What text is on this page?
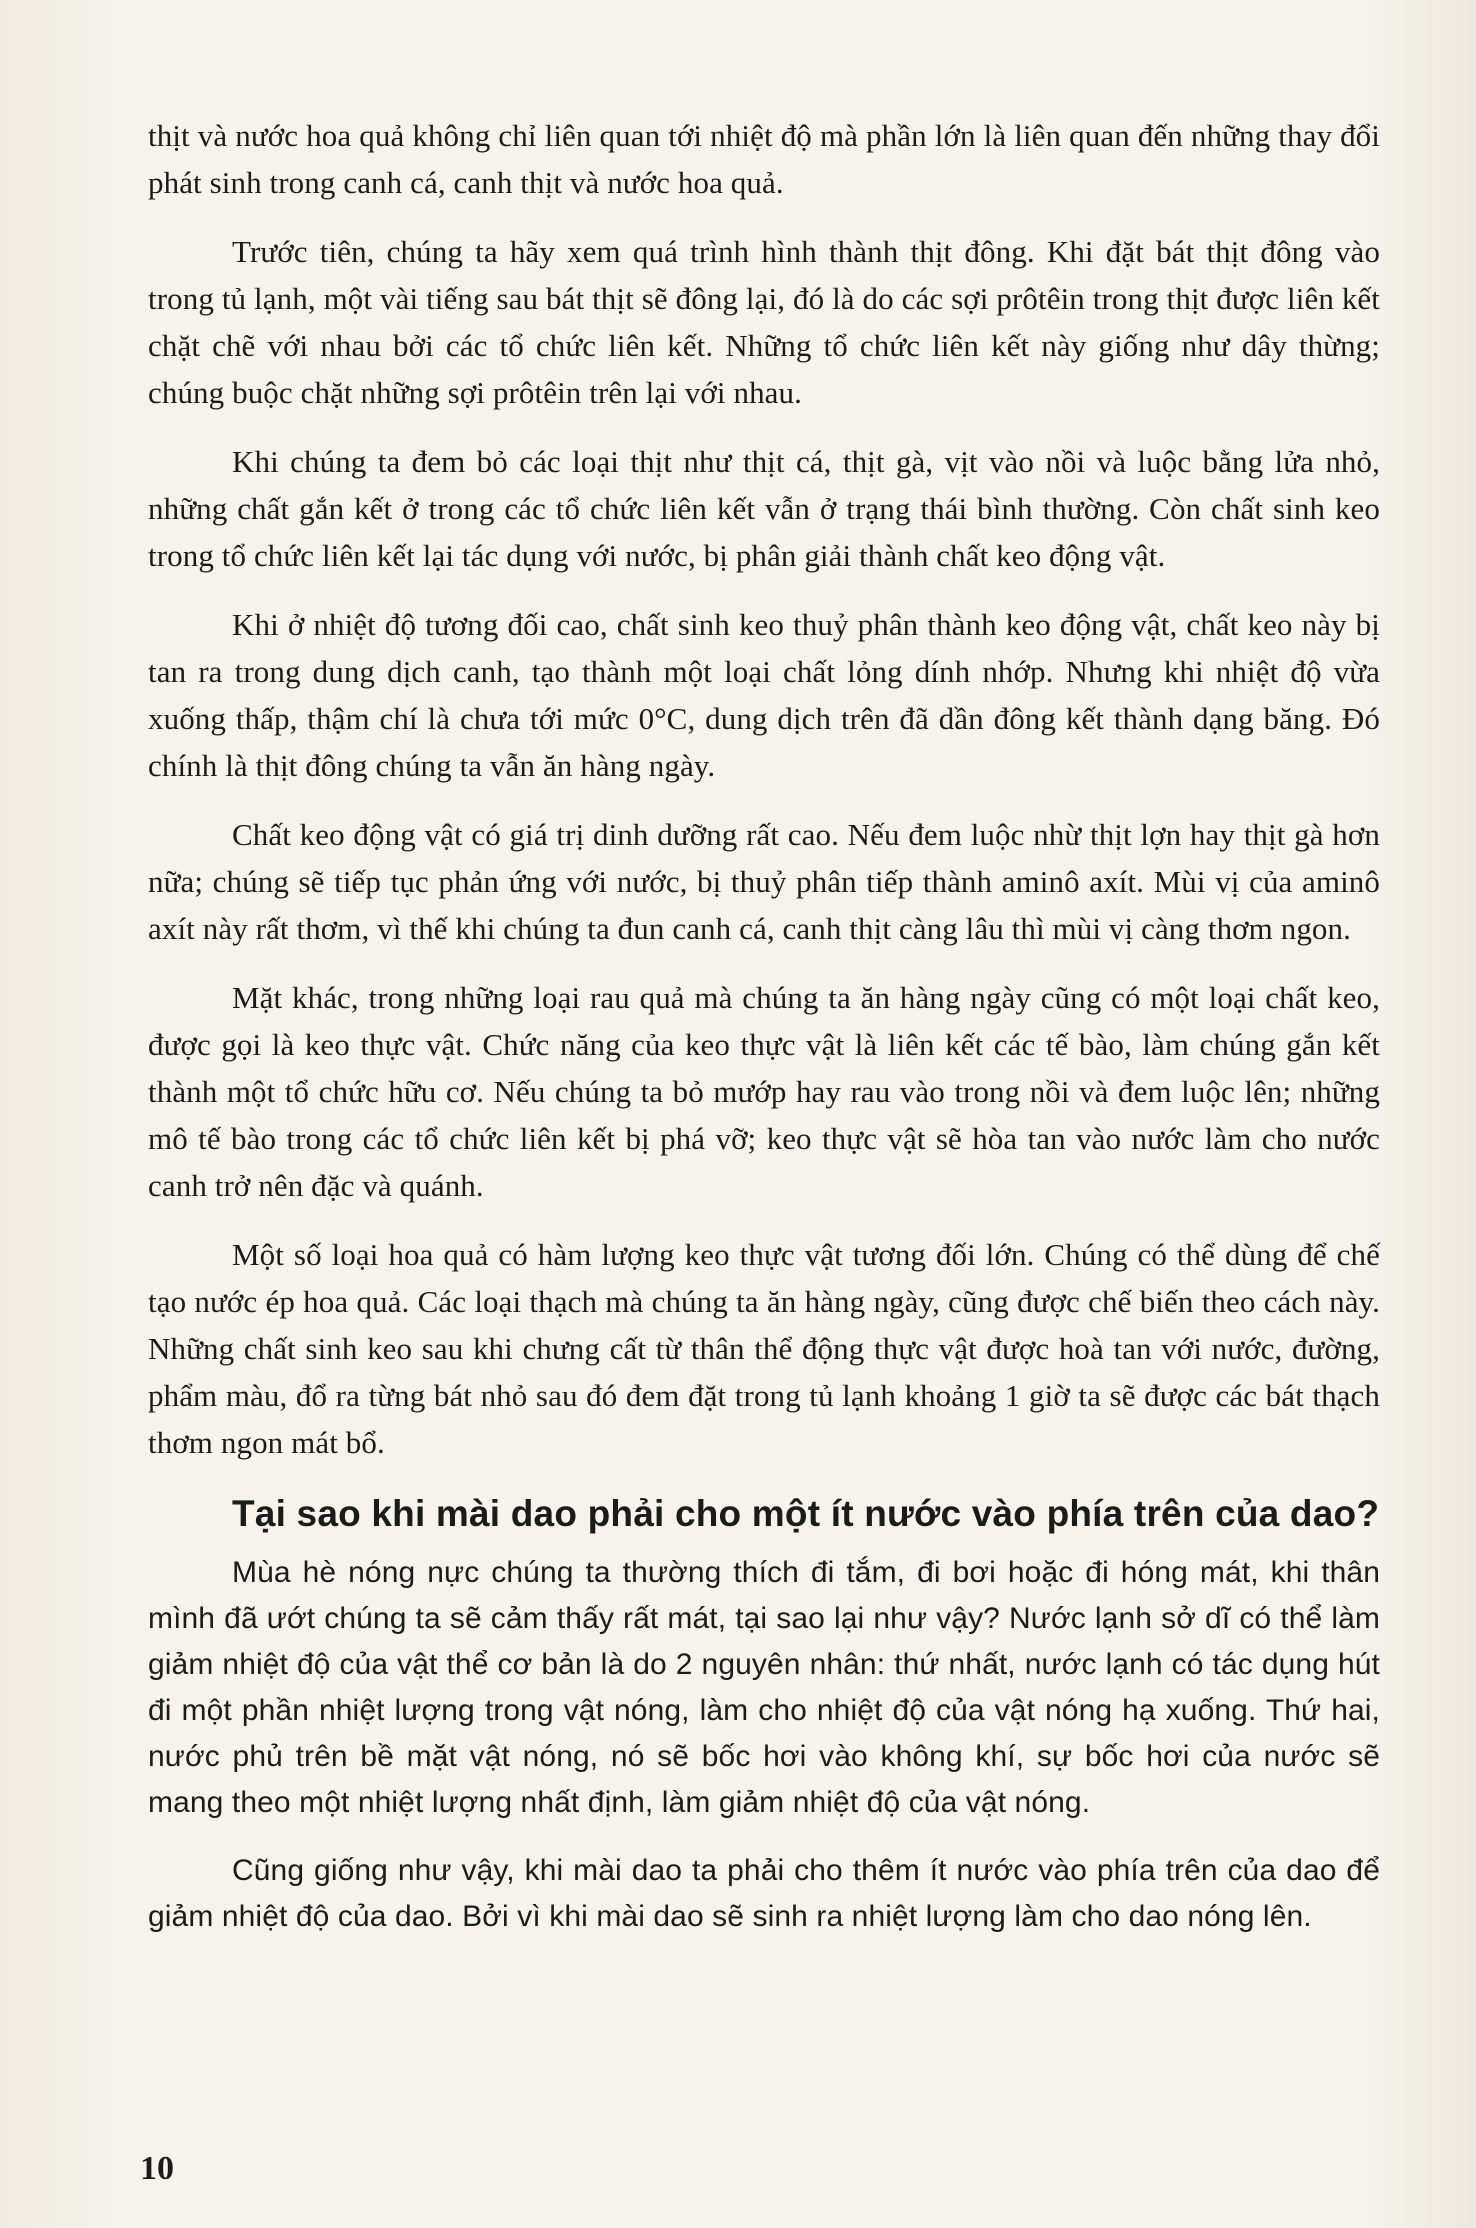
thịt và nước hoa quả không chỉ liên quan tới nhiệt độ mà phần lớn là liên quan đến những thay đổi phát sinh trong canh cá, canh thịt và nước hoa quả.

Trước tiên, chúng ta hãy xem quá trình hình thành thịt đông. Khi đặt bát thịt đông vào trong tủ lạnh, một vài tiếng sau bát thịt sẽ đông lại, đó là do các sợi prôtêin trong thịt được liên kết chặt chẽ với nhau bởi các tổ chức liên kết. Những tổ chức liên kết này giống như dây thừng; chúng buộc chặt những sợi prôtêin trên lại với nhau.

Khi chúng ta đem bỏ các loại thịt như thịt cá, thịt gà, vịt vào nồi và luộc bằng lửa nhỏ, những chất gắn kết ở trong các tổ chức liên kết vẫn ở trạng thái bình thường. Còn chất sinh keo trong tổ chức liên kết lại tác dụng với nước, bị phân giải thành chất keo động vật.

Khi ở nhiệt độ tương đối cao, chất sinh keo thuỷ phân thành keo động vật, chất keo này bị tan ra trong dung dịch canh, tạo thành một loại chất lỏng dính nhớp. Nhưng khi nhiệt độ vừa xuống thấp, thậm chí là chưa tới mức 0°C, dung dịch trên đã dần đông kết thành dạng băng. Đó chính là thịt đông chúng ta vẫn ăn hàng ngày.

Chất keo động vật có giá trị dinh dưỡng rất cao. Nếu đem luộc nhừ thịt lợn hay thịt gà hơn nữa; chúng sẽ tiếp tục phản ứng với nước, bị thuỷ phân tiếp thành aminô axít. Mùi vị của aminô axít này rất thơm, vì thế khi chúng ta đun canh cá, canh thịt càng lâu thì mùi vị càng thơm ngon.

Mặt khác, trong những loại rau quả mà chúng ta ăn hàng ngày cũng có một loại chất keo, được gọi là keo thực vật. Chức năng của keo thực vật là liên kết các tế bào, làm chúng gắn kết thành một tổ chức hữu cơ. Nếu chúng ta bỏ mướp hay rau vào trong nồi và đem luộc lên; những mô tế bào trong các tổ chức liên kết bị phá vỡ; keo thực vật sẽ hòa tan vào nước làm cho nước canh trở nên đặc và quánh.

Một số loại hoa quả có hàm lượng keo thực vật tương đối lớn. Chúng có thể dùng để chế tạo nước ép hoa quả. Các loại thạch mà chúng ta ăn hàng ngày, cũng được chế biến theo cách này. Những chất sinh keo sau khi chưng cất từ thân thể động thực vật được hoà tan với nước, đường, phẩm màu, đổ ra từng bát nhỏ sau đó đem đặt trong tủ lạnh khoảng 1 giờ ta sẽ được các bát thạch thơm ngon mát bổ.

Tại sao khi mài dao phải cho một ít nước vào phía trên của dao?

Mùa hè nóng nực chúng ta thường thích đi tắm, đi bơi hoặc đi hóng mát, khi thân mình đã ướt chúng ta sẽ cảm thấy rất mát, tại sao lại như vậy? Nước lạnh sở dĩ có thể làm giảm nhiệt độ của vật thể cơ bản là do 2 nguyên nhân: thứ nhất, nước lạnh có tác dụng hút đi một phần nhiệt lượng trong vật nóng, làm cho nhiệt độ của vật nóng hạ xuống. Thứ hai, nước phủ trên bề mặt vật nóng, nó sẽ bốc hơi vào không khí, sự bốc hơi của nước sẽ mang theo một nhiệt lượng nhất định, làm giảm nhiệt độ của vật nóng.

Cũng giống như vậy, khi mài dao ta phải cho thêm ít nước vào phía trên của dao để giảm nhiệt độ của dao. Bởi vì khi mài dao sẽ sinh ra nhiệt lượng làm cho dao nóng lên.

10
